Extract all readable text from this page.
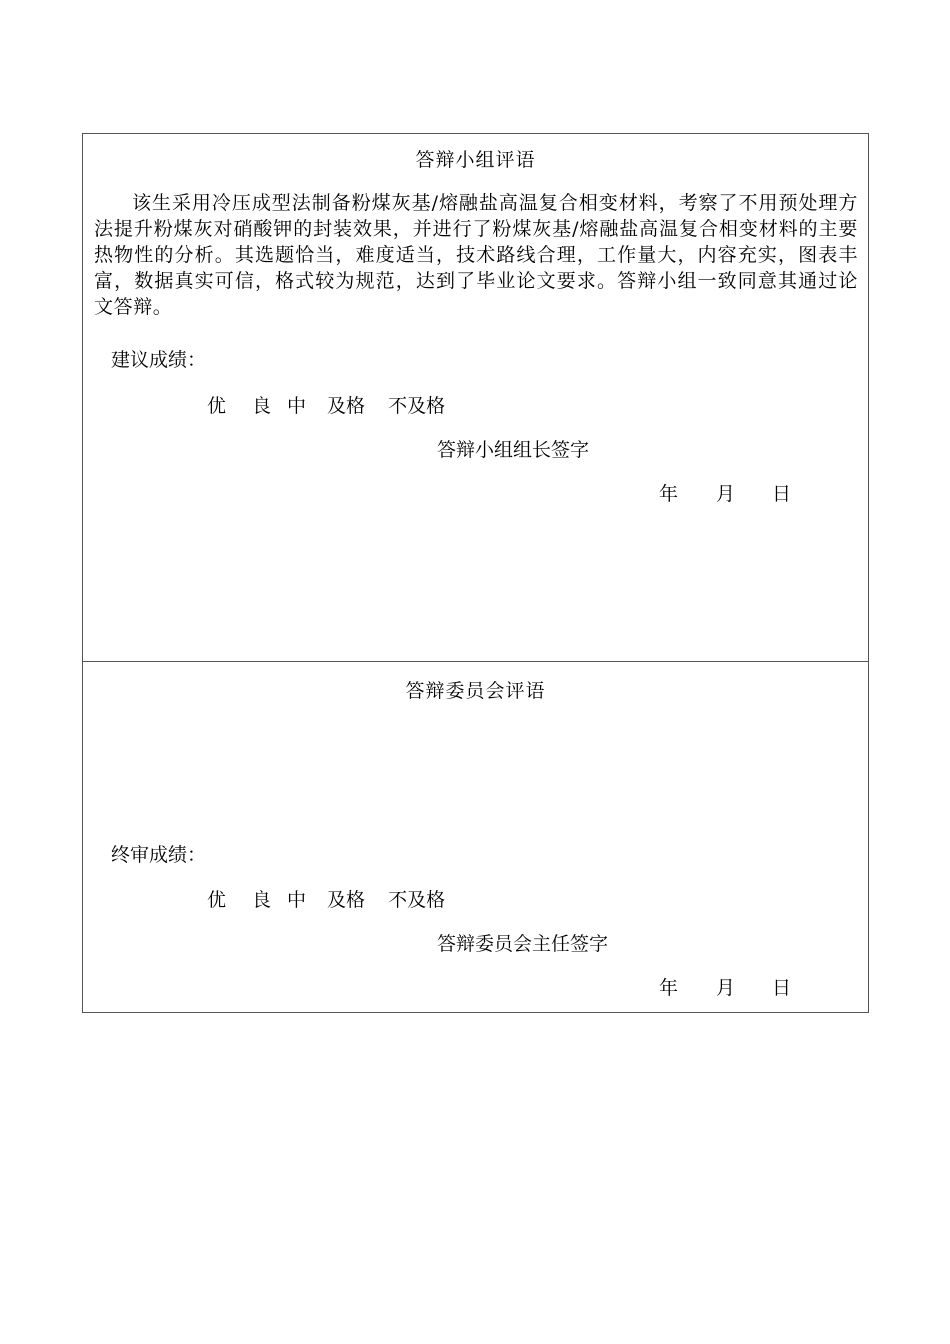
答辩小组评语

该生采用冷压成型法制备粉煤灰基/熔融盐高温复合相变材料，考察了不用预处理方法提升粉煤灰对硝酸钾的封装效果，并进行了粉煤灰基/熔融盐高温复合相变材料的主要热物性的分析。其选题恰当，难度适当，技术路线合理，工作量大，内容充实，图表丰富，数据真实可信，格式较为规范，达到了毕业论文要求。答辩小组一致同意其通过论文答辩。

建议成绩：
优 良 中 及格 不及格
答辩小组组长签字
年 月 日
答辩委员会评语
终审成绩：
优 良 中 及格 不及格
答辩委员会主任签字
年 月 日
